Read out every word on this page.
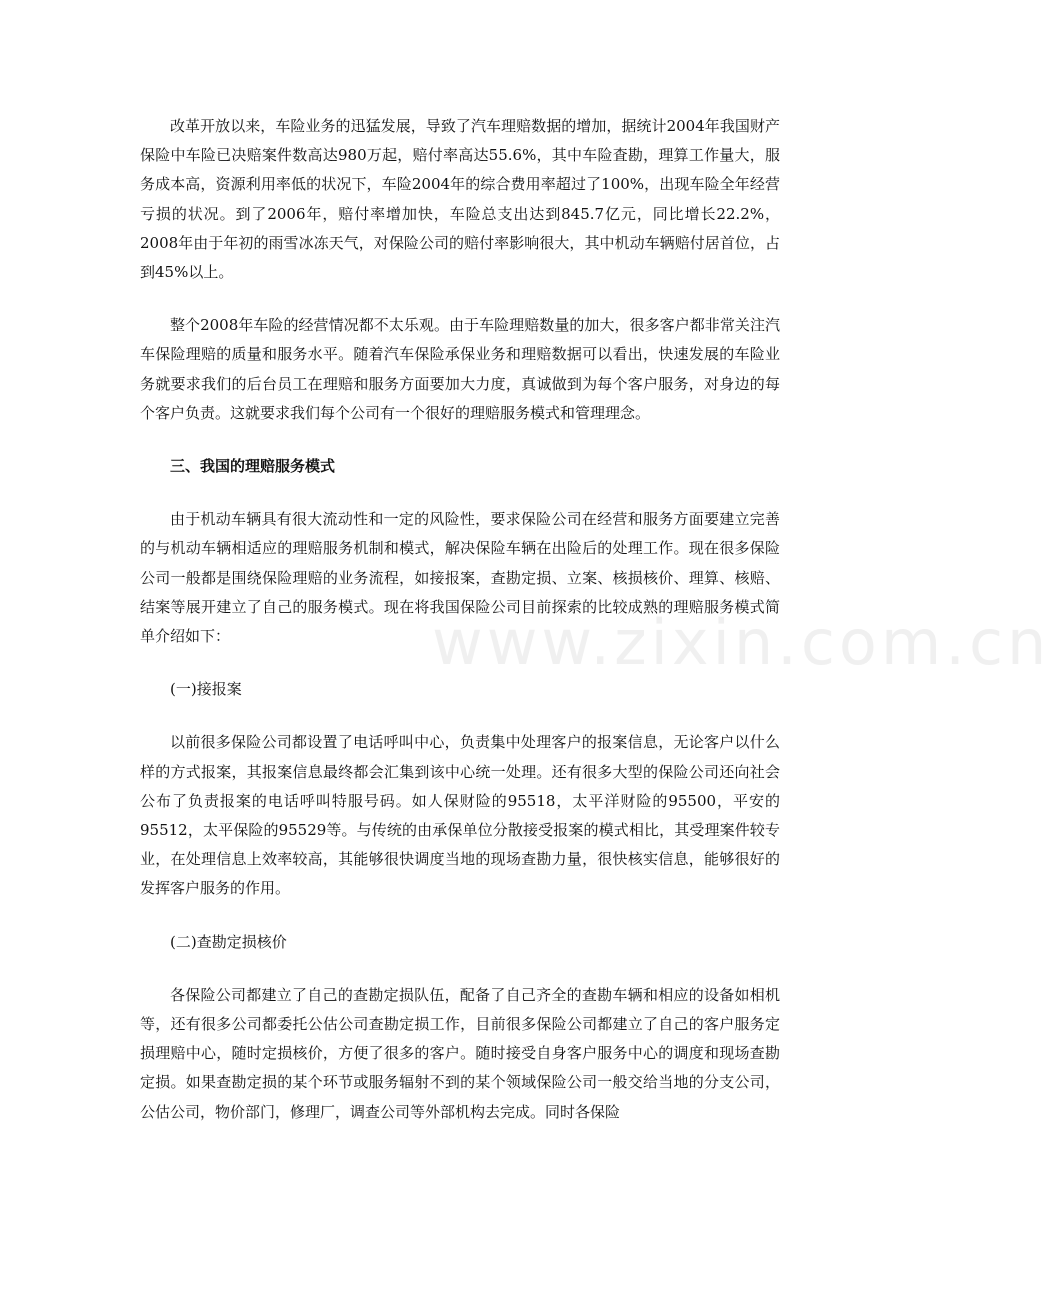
www.zixin.com.cn

改革开放以来，车险业务的迅猛发展，导致了汽车理赔数据的增加，据统计2004年我国财产保险中车险已决赔案件数高达980万起，赔付率高达55.6%，其中车险査勘，理算工作量大，服务成本高，资源利用率低的状况下，车险2004年的综合费用率超过了100%，出现车险全年经营亏损的状况。到了2006年，赔付率增加快，车险总支出达到845.7亿元，同比增长22.2%，2008年由于年初的雨雪冰冻天气，对保险公司的赔付率影响很大，其中机动车辆赔付居首位，占到45%以上。

整个2008年车险的经营情况都不太乐观。由于车险理赔数量的加大，很多客户都非常关注汽车保险理赔的质量和服务水平。随着汽车保险承保业务和理赔数据可以看出，快速发展的车险业务就要求我们的后台员工在理赔和服务方面要加大力度，真诚做到为每个客户服务，对身边的每个客户负责。这就要求我们每个公司有一个很好的理赔服务模式和管理理念。

三、我国的理赔服务模式

由于机动车辆具有很大流动性和一定的风险性，要求保险公司在经营和服务方面要建立完善的与机动车辆相适应的理赔服务机制和模式，解决保险车辆在出险后的处理工作。现在很多保险公司一般都是围绕保险理赔的业务流程，如接报案，查勘定损、立案、核损核价、理算、核赔、结案等展开建立了自己的服务模式。现在将我国保险公司目前探索的比较成熟的理赔服务模式简单介绍如下：

(一)接报案

以前很多保险公司都设置了电话呼叫中心，负责集中处理客户的报案信息，无论客户以什么样的方式报案，其报案信息最终都会汇集到该中心统一处理。还有很多大型的保险公司还向社会公布了负责报案的电话呼叫特服号码。如人保财险的95518，太平洋财险的95500，平安的95512，太平保险的95529等。与传统的由承保单位分散接受报案的模式相比，其受理案件较专业，在处理信息上效率较高，其能够很快调度当地的现场查勘力量，很快核实信息，能够很好的发挥客户服务的作用。

(二)查勘定损核价

各保险公司都建立了自己的查勘定损队伍，配备了自己齐全的查勘车辆和相应的设备如相机等，还有很多公司都委托公估公司查勘定损工作，目前很多保险公司都建立了自己的客户服务定损理赔中心，随时定损核价，方便了很多的客户。随时接受自身客户服务中心的调度和现场查勘定损。如果查勘定损的某个环节或服务辐射不到的某个领域保险公司一般交给当地的分支公司，公估公司，物价部门，修理厂，调查公司等外部机构去完成。同时各保险
